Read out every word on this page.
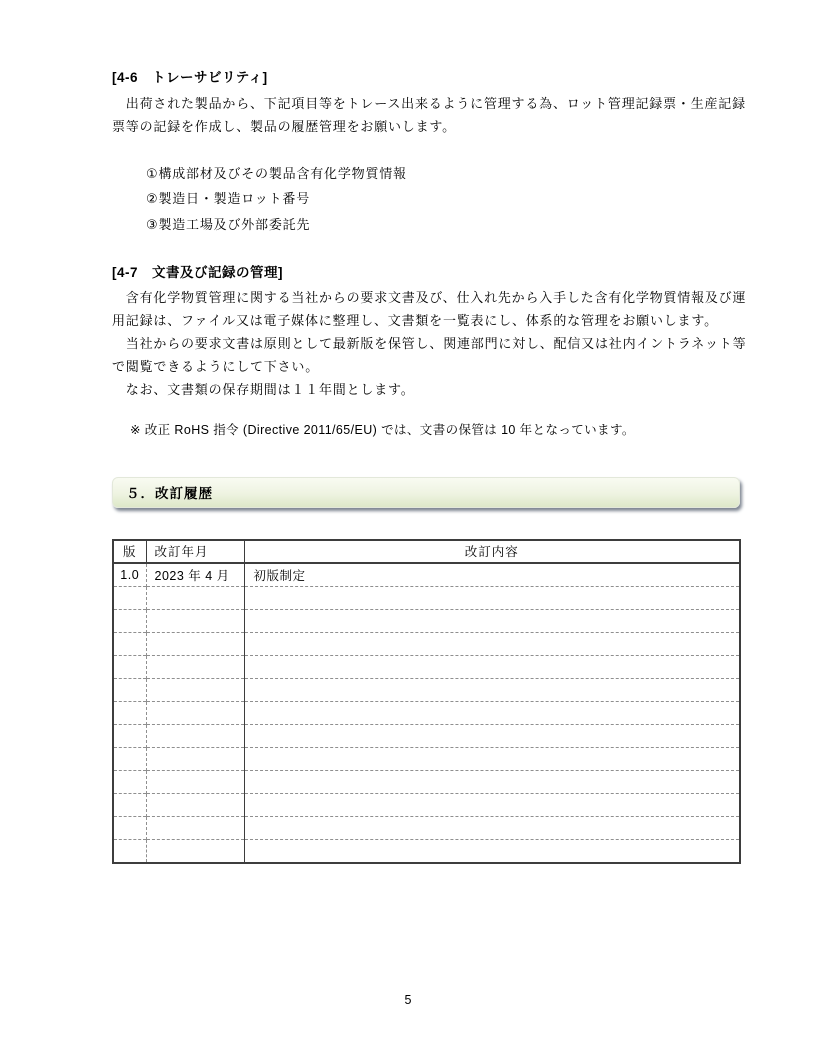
[4-6　トレーサビリティ]
　出荷された製品から、下記項目等をトレース出来るように管理する為、ロット管理記録票・生産記録
票等の記録を作成し、製品の履歴管理をお願いします。
①構成部材及びその製品含有化学物質情報
②製造日・製造ロット番号
③製造工場及び外部委託先
[4-7　文書及び記録の管理]
　含有化学物質管理に関する当社からの要求文書及び、仕入れ先から入手した含有化学物質情報及び運
用記録は、ファイル又は電子媒体に整理し、文書類を一覧表にし、体系的な管理をお願いします。
　当社からの要求文書は原則として最新版を保管し、関連部門に対し、配信又は社内イントラネット等
で閲覧できるようにして下さい。
　なお、文書類の保存期間は１１年間とします。
※ 改正 RoHS 指令 (Directive 2011/65/EU) では、文書の保管は 10 年となっています。
５．改訂履歴
版	改訂年月	改訂内容
1.0	2023 年 4 月	初版制定

5
